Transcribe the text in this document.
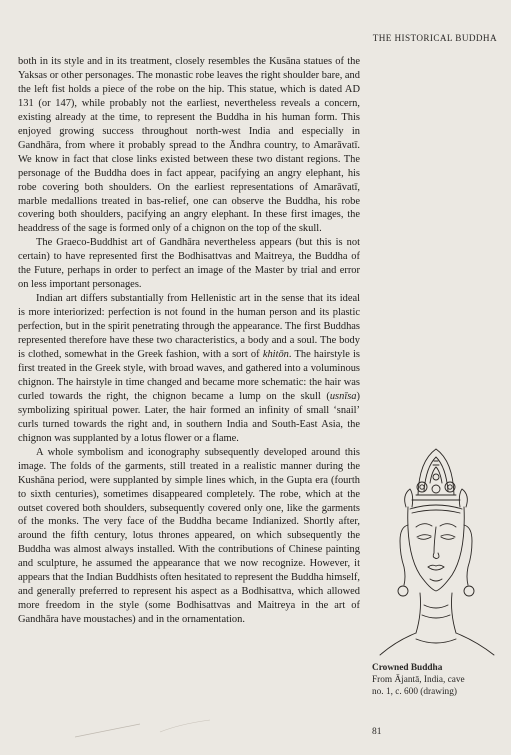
THE HISTORICAL BUDDHA

both in its style and in its treatment, closely resembles the Kusāna statues of the Yaksas or other personages. The monastic robe leaves the right shoulder bare, and the left fist holds a piece of the robe on the hip. This statue, which is dated AD 131 (or 147), while probably not the earliest, nevertheless reveals a concern, existing already at the time, to represent the Buddha in his human form. This enjoyed growing success throughout north-west India and especially in Gandhāra, from where it probably spread to the Āndhra country, to Amarāvatī. We know in fact that close links existed between these two distant regions. The personage of the Buddha does in fact appear, pacifying an angry elephant, his robe covering both shoulders. On the earliest representations of Amarāvatī, marble medallions treated in bas-relief, one can observe the Buddha, his robe covering both shoulders, pacifying an angry elephant. In these first images, the headdress of the sage is formed only of a chignon on the top of the skull.

The Graeco-Buddhist art of Gandhāra nevertheless appears (but this is not certain) to have represented first the Bodhisattvas and Maitreya, the Buddha of the Future, perhaps in order to perfect an image of the Master by trial and error on less important personages.

Indian art differs substantially from Hellenistic art in the sense that its ideal is more interiorized: perfection is not found in the human person and its plastic perfection, but in the spirit penetrating through the appearance. The first Buddhas represented therefore have these two characteristics, a body and a soul. The body is clothed, somewhat in the Greek fashion, with a sort of khitōn. The hairstyle is first treated in the Greek style, with broad waves, and gathered into a voluminous chignon. The hairstyle in time changed and became more schematic: the hair was curled towards the right, the chignon became a lump on the skull (usnīsa) symbolizing spiritual power. Later, the hair formed an infinity of small ‘snail’ curls turned towards the right and, in southern India and South-East Asia, the chignon was supplanted by a lotus flower or a flame.

A whole symbolism and iconography subsequently developed around this image. The folds of the garments, still treated in a realistic manner during the Kushāna period, were supplanted by simple lines which, in the Gupta era (fourth to sixth centuries), sometimes disappeared completely. The robe, which at the outset covered both shoulders, subsequently covered only one, like the garments of the monks. The very face of the Buddha became Indianized. Shortly after, around the fifth century, lotus thrones appeared, on which subsequently the Buddha was almost always installed. With the contributions of Chinese painting and sculpture, he assumed the appearance that we now recognize. However, it appears that the Indian Buddhists often hesitated to represent the Buddha himself, and generally preferred to represent his aspect as a Bodhisattva, which allowed more freedom in the style (some Bodhisattvas and Maitreya in the art of Gandhāra have moustaches) and in the ornamentation.

Crowned Buddha
From Ājantā, India, cave
no. 1, c. 600 (drawing)
81
